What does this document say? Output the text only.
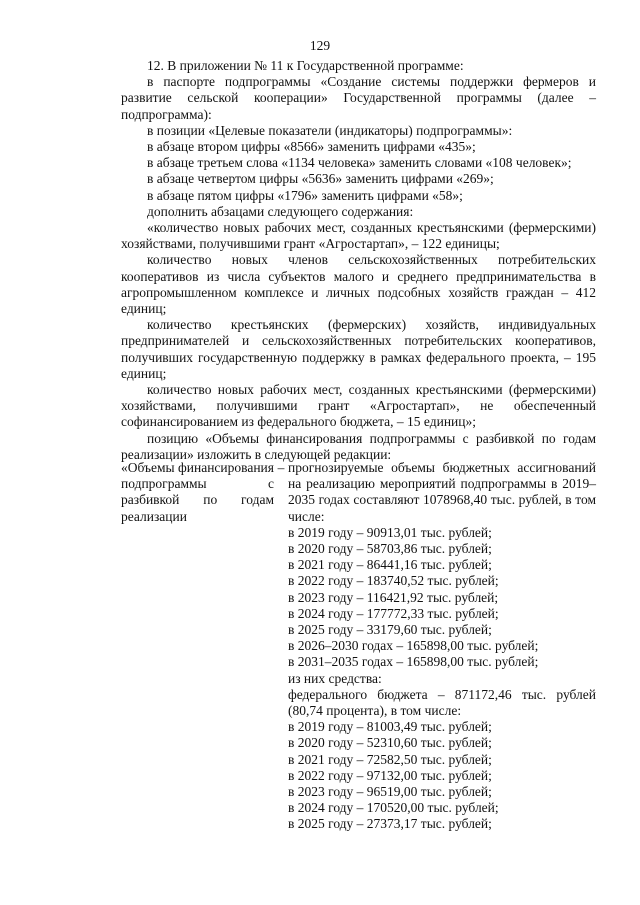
129

12. В приложении № 11 к Государственной программе:

в паспорте подпрограммы «Создание системы поддержки фермеров и развитие сельской кооперации» Государственной программы (далее – подпрограмма):

в позиции «Целевые показатели (индикаторы) подпрограммы»:

в абзаце втором цифры «8566» заменить цифрами «435»;

в абзаце третьем слова «1134 человека» заменить словами «108 человек»;

в абзаце четвертом цифры «5636» заменить цифрами «269»;

в абзаце пятом цифры «1796» заменить цифрами «58»;

дополнить абзацами следующего содержания:

«количество новых рабочих мест, созданных крестьянскими (фермерскими) хозяйствами, получившими грант «Агростартап», – 122 единицы;

количество новых членов сельскохозяйственных потребительских кооперативов из числа субъектов малого и среднего предпринимательства в агропромышленном комплексе и личных подсобных хозяйств граждан – 412 единиц;

количество крестьянских (фермерских) хозяйств, индивидуальных предпринимателей и сельскохозяйственных потребительских кооперативов, получивших государственную поддержку в рамках федерального проекта, – 195 единиц;

количество новых рабочих мест, созданных крестьянскими (фермерскими) хозяйствами, получившими грант «Агростартап», не обеспеченный софинансированием из федерального бюджета, – 15 единиц»;

позицию «Объемы финансирования подпрограммы с разбивкой по годам реализации» изложить в следующей редакции:

«Объемы финансирования подпрограммы с разбивкой по годам реализации
– прогнозируемые объемы бюджетных ассигнований на реализацию мероприятий подпрограммы в 2019–2035 годах составляют 1078968,40 тыс. рублей, в том числе:

в 2019 году – 90913,01 тыс. рублей;

в 2020 году – 58703,86 тыс. рублей;

в 2021 году – 86441,16 тыс. рублей;

в 2022 году – 183740,52 тыс. рублей;

в 2023 году – 116421,92 тыс. рублей;

в 2024 году – 177772,33 тыс. рублей;

в 2025 году – 33179,60 тыс. рублей;

в 2026–2030 годах – 165898,00 тыс. рублей;

в 2031–2035 годах – 165898,00 тыс. рублей;

из них средства:

федерального бюджета – 871172,46 тыс. рублей (80,74 процента), в том числе:

в 2019 году – 81003,49 тыс. рублей;

в 2020 году – 52310,60 тыс. рублей;

в 2021 году – 72582,50 тыс. рублей;

в 2022 году – 97132,00 тыс. рублей;

в 2023 году – 96519,00 тыс. рублей;

в 2024 году – 170520,00 тыс. рублей;

в 2025 году – 27373,17 тыс. рублей;
